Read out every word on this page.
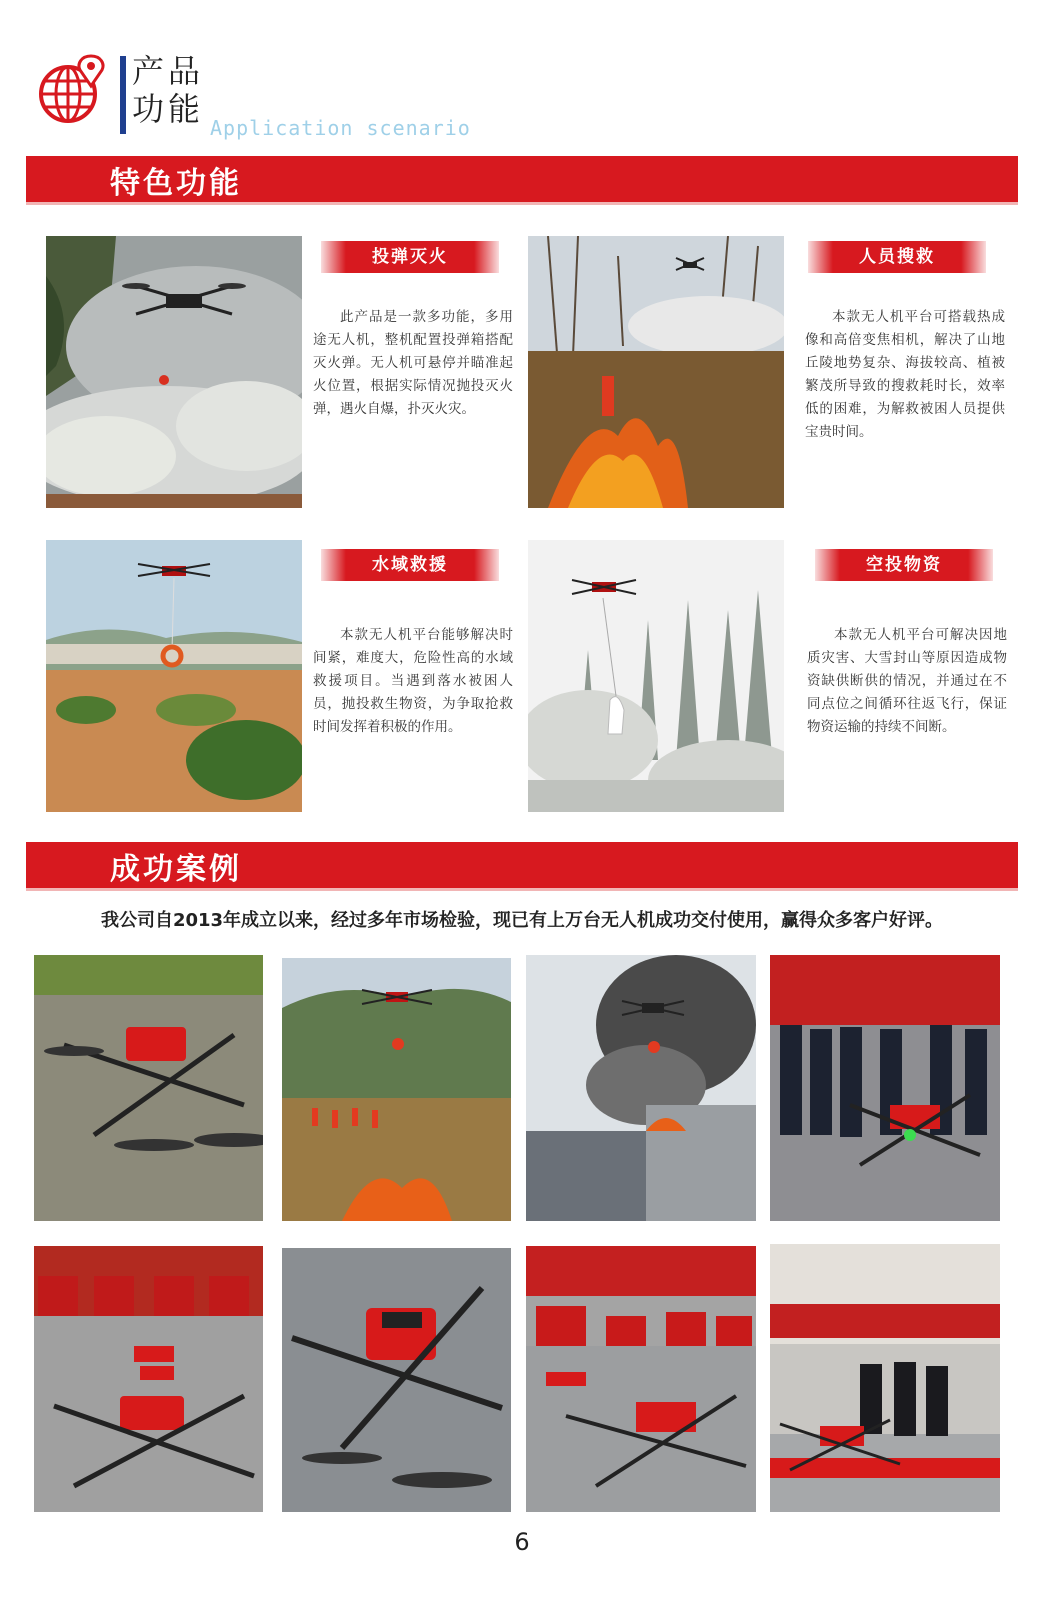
产品
功能 Application scenario
特色功能
投弹灭火
此产品是一款多功能，多用途无人机，整机配置投弹箱搭配灭火弹。无人机可悬停并瞄准起火位置，根据实际情况抛投灭火弹，遇火自爆，扑灭火灾。
人员搜救
本款无人机平台可搭载热成像和高倍变焦相机，解决了山地丘陵地势复杂、海拔较高、植被繁茂所导致的搜救耗时长，效率低的困难，为解救被困人员提供宝贵时间。
水域救援
本款无人机平台能够解决时间紧，难度大，危险性高的水域救援项目。当遇到落水被困人员，抛投救生物资，为争取抢救时间发挥着积极的作用。
空投物资
本款无人机平台可解决因地质灾害、大雪封山等原因造成物资缺供断供的情况，并通过在不同点位之间循环往返飞行，保证物资运输的持续不间断。
成功案例
我公司自2013年成立以来，经过多年市场检验，现已有上万台无人机成功交付使用，赢得众多客户好评。
6
